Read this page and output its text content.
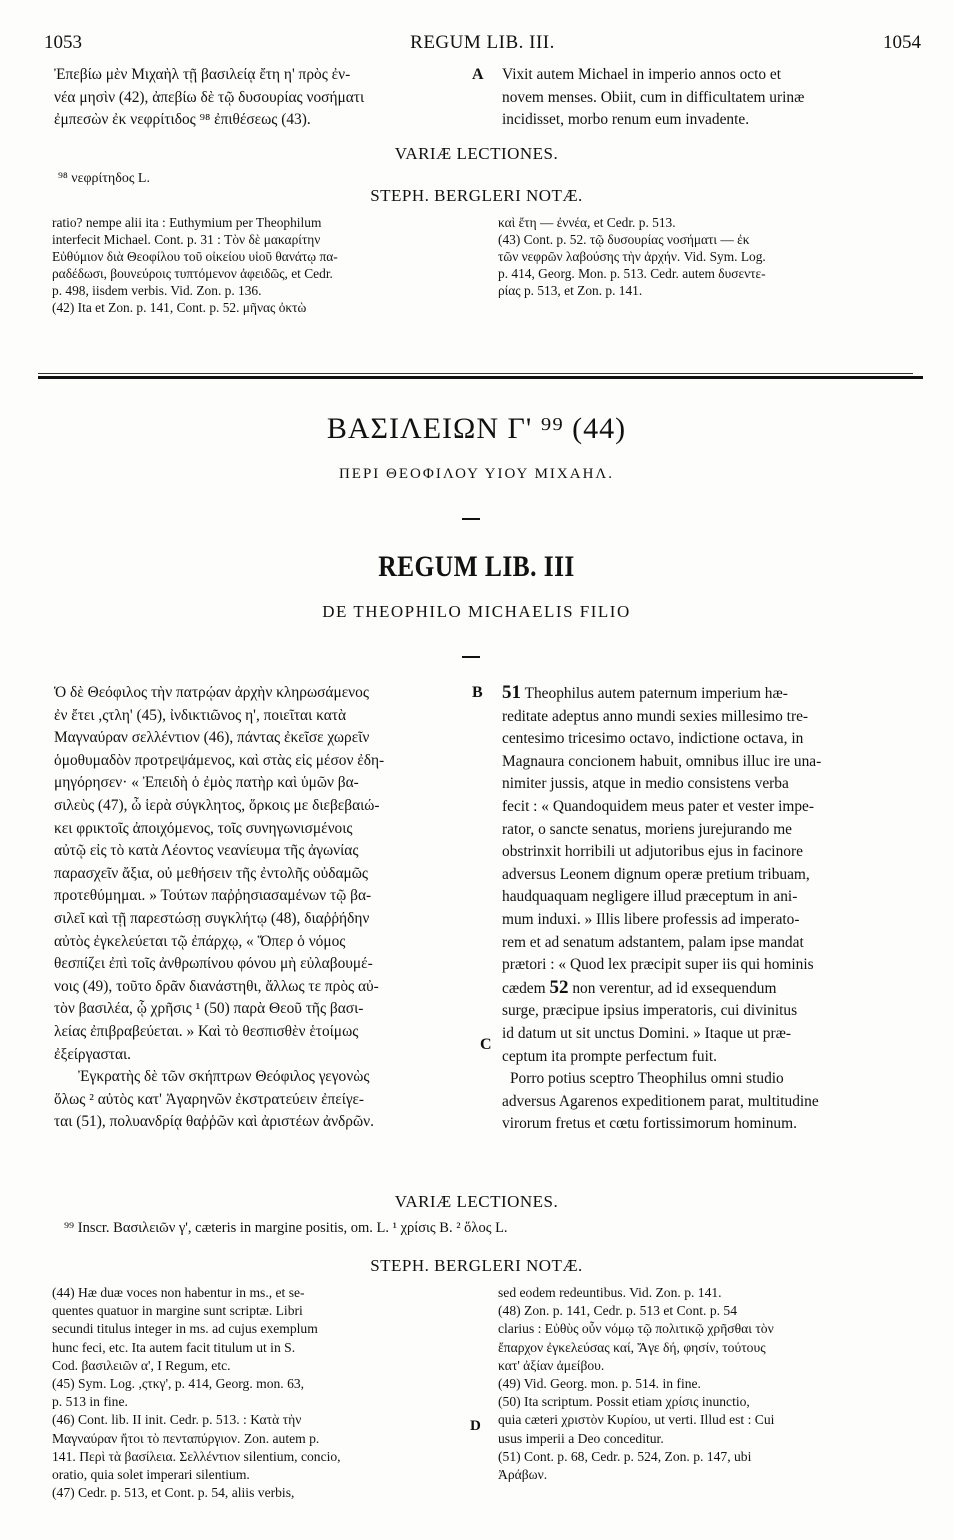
1053	REGUM LIB. III.	1054
Ἐπεβίω μὲν Μιχαὴλ τῇ βασιλείᾳ ἔτη η' πρὸς ἐν-
νέα μησὶν (42), ἀπεβίω δὲ τῷ δυσουρίας νοσήματι
ἐμπεσὼν ἐκ νεφρίτιδος ⁹⁸ ἐπιθέσεως (43).
A Vixit autem Michael in imperio annos octo et
novem menses. Obiit, cum in difficultatem urinæ
incidisset, morbo renum eum invadente.
VARIÆ LECTIONES.
⁹⁸ νεφρίτηδος L.
STEPH. BERGLERI NOTÆ.
ratio? nempe alii ita : Euthymium per Theophilum
interfecit Michael. Cont. p. 31 : Τὸν δὲ μακαρίτην
Εὐθύμιον διὰ Θεοφίλου τοῦ οἰκείου υἱοῦ θανάτῳ πα-
ραδέδωσι, βουνεύροις τυπτόμενον ἀφειδῶς, et Cedr.
p. 498, iisdem verbis. Vid. Zon. p. 136.
(42) Ita et Zon. p. 141, Cont. p. 52. μῆνας ὀκτὼ
καὶ ἔτη — ἐννέα, et Cedr. p. 513.
(43) Cont. p. 52. τῷ δυσουρίας νοσήματι — ἐκ
τῶν νεφρῶν λαβούσης τὴν ἀρχήν. Vid. Sym. Log.
p. 414, Georg. Mon. p. 513. Cedr. autem δυσεντε-
ρίας p. 513, et Zon. p. 141.
ΒΑΣΙΛΕΙΩΝ Γ' ⁹⁹ (44)
ΠΕΡΙ ΘΕΟΦΙΛΟΥ ΥΙΟΥ ΜΙΧΑΗΛ.
REGUM LIB. III
DE THEOPHILO MICHAELIS FILIO
Ὁ δὲ Θεόφιλος τὴν πατρῴαν ἀρχὴν κληρωσάμενος
ἐν ἔτει ,ςτλη' (45), ἰνδικτιῶνος η', ποιεῖται κατὰ
Μαγναύραν σελλέντιον (46), πάντας ἐκεῖσε χωρεῖν
ὁμοθυμαδὸν προτρεψάμενος, καὶ στὰς εἰς μέσον ἐδη-
μηγόρησεν· « Ἐπειδὴ ὁ ἐμὸς πατὴρ καὶ ὑμῶν βα-
σιλεὺς (47), ὦ ἱερὰ σύγκλητος, ὅρκοις με διεβεβαιώ-
κει φρικτοῖς ἀποιχόμενος, τοῖς συνηγωνισμένοις
αὐτῷ εἰς τὸ κατὰ Λέοντος νεανίευμα τῆς ἀγωνίας
παρασχεῖν ἄξια, οὐ μεθήσειν τῆς ἐντολῆς οὐδαμῶς
προτεθύμημαι. » Τούτων παῤῥησιασαμένων τῷ βα-
σιλεῖ καὶ τῇ παρεστώσῃ συγκλήτῳ (48), διαῤῥήδην
αὐτὸς ἐγκελεύεται τῷ ἐπάρχῳ, « Ὅπερ ὁ νόμος
θεσπίζει ἐπὶ τοῖς ἀνθρωπίνου φόνου μὴ εὐλαβουμέ-
νοις (49), τοῦτο δρᾶν διανάστηθι, ἄλλως τε πρὸς αὐ-
τὸν βασιλέα, ᾧ χρῆσις ¹ (50) παρὰ Θεοῦ τῆς βασι-
λείας ἐπιβραβεύεται. » Καὶ τὸ θεσπισθὲν ἑτοίμως
ἐξείργασται.
Ἐγκρατὴς δὲ τῶν σκήπτρων Θεόφιλος γεγονὼς
ὅλως ² αὐτὸς κατ' Ἀγαρηνῶν ἐκστρατεύειν ἐπείγε-
ται (51), πολυανδρίᾳ θαῤῥῶν καὶ ἀριστέων ἀνδρῶν.
B
C
51 Theophilus autem paternum imperium hæ-
reditate adeptus anno mundi sexies millesimo tre-
centesimo tricesimo octavo, indictione octava, in
Magnaura concionem habuit, omnibus illuc ire una-
nimiter jussis, atque in medio consistens verba
fecit : « Quandoquidem meus pater et vester impe-
rator, o sancte senatus, moriens jurejurando me
obstrinxit horribili ut adjutoribus ejus in facinore
adversus Leonem dignum operæ pretium tribuam,
haudquaquam negligere illud præceptum in ani-
mum induxi. » Illis libere professis ad imperato-
rem et ad senatum adstantem, palam ipse mandat
prætori : « Quod lex præcipit super iis qui hominis
cædem 52 non verentur, ad id exsequendum
surge, præcipue ipsius imperatoris, cui divinitus
id datum ut sit unctus Domini. » Itaque ut præ-
ceptum ita prompte perfectum fuit.
Porro potius sceptro Theophilus omni studio
adversus Agarenos expeditionem parat, multitudine
virorum fretus et cœtu fortissimorum hominum.
VARIÆ LECTIONES.
⁹⁹ Inscr. Βασιλειῶν γ', cæteris in margine positis, om. L. ¹ χρίσις B. ² ὅλος L.
STEPH. BERGLERI NOTÆ.
(44) Hæ duæ voces non habentur in ms., et se-
quentes quatuor in margine sunt scriptæ. Libri
secundi titulus integer in ms. ad cujus exemplum
hunc feci, etc. Ita autem facit titulum ut in S.
Cod. βασιλειῶν α', I Regum, etc.
(45) Sym. Log. ,ςτκγ', p. 414, Georg. mon. 63,
p. 513 in fine.
(46) Cont. lib. II init. Cedr. p. 513. : Κατὰ τὴν
Μαγναύραν ἤτοι τὸ πενταπύργιον. Zon. autem p.
141. Περὶ τὰ βασίλεια. Σελλέντιον silentium, concio,
oratio, quia solet imperari silentium.
(47) Cedr. p. 513, et Cont. p. 54, aliis verbis,
D
sed eodem redeuntibus. Vid. Zon. p. 141.
(48) Zon. p. 141, Cedr. p. 513 et Cont. p. 54
clarius : Εὐθὺς οὖν νόμῳ τῷ πολιτικῷ χρῆσθαι τὸν
ἔπαρχον ἐγκελεύσας καί, Ἄγε δή, φησίν, τούτους
κατ' ἀξίαν ἀμείβου.
(49) Vid. Georg. mon. p. 514. in fine.
(50) Ita scriptum. Possit etiam χρίσις inunctio,
quia cæteri χριστὸν Κυρίου, ut verti. Illud est : Cui
usus imperii a Deo conceditur.
(51) Cont. p. 68, Cedr. p. 524, Zon. p. 147, ubi
Ἀράβων.
